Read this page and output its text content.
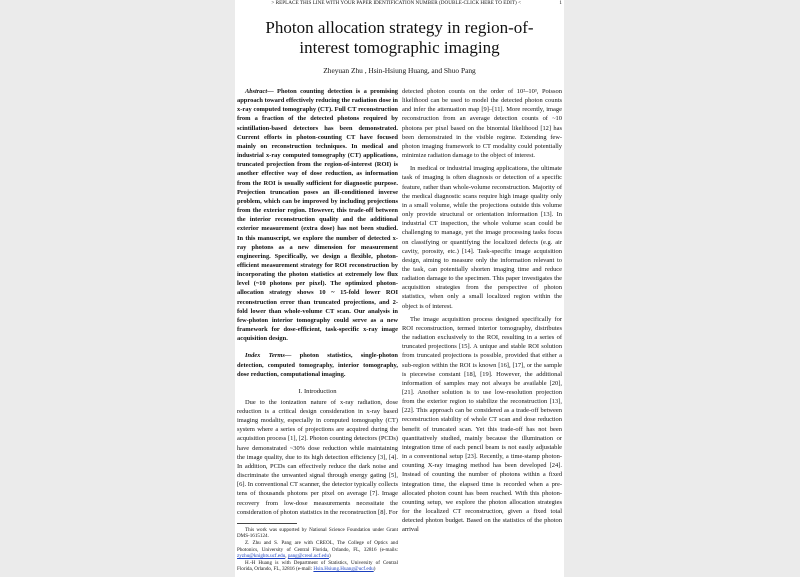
> REPLACE THIS LINE WITH YOUR PAPER IDENTIFICATION NUMBER (DOUBLE-CLICK HERE TO EDIT) <	1
Photon allocation strategy in region-of-interest tomographic imaging
Zheyuan Zhu , Hsin-Hsiung Huang, and Shuo Pang

Abstract— Photon counting detection is a promising approach toward effectively reducing the radiation dose in x-ray computed tomography (CT). Full CT reconstruction from a fraction of the detected photons required by scintillation-based detectors has been demonstrated. Current efforts in photon-counting CT have focused mainly on reconstruction techniques. In medical and industrial x-ray computed tomography (CT) applications, truncated projection from the region-of-interest (ROI) is another effective way of dose reduction, as information from the ROI is usually sufficient for diagnostic purpose. Projection truncation poses an ill-conditioned inverse problem, which can be improved by including projections from the exterior region. However, this trade-off between the interior reconstruction quality and the additional exterior measurement (extra dose) has not been studied. In this manuscript, we explore the number of detected x-ray photons as a new dimension for measurement engineering. Specifically, we design a flexible, photon-efficient measurement strategy for ROI reconstruction by incorporating the photon statistics at extremely low flux level (~10 photons per pixel). The optimized photon-allocation strategy shows 10 ~ 15-fold lower ROI reconstruction error than truncated projections, and 2-fold lower than whole-volume CT scan. Our analysis in few-photon interior tomography could serve as a new framework for dose-efficient, task-specific x-ray image acquisition design.

Index Terms— photon statistics, single-photon detection, computed tomography, interior tomography, dose reduction, computational imaging.

I. Introduction

Due to the ionization nature of x-ray radiation, dose reduction is a critical design consideration in x-ray based imaging modality, especially in computed tomography (CT) system where a series of projections are acquired during the acquisition process [1], [2]. Photon counting detectors (PCDs) have demonstrated ~30% dose reduction while maintaining the image quality, due to its high detection efficiency [3], [4]. In addition, PCDs can effectively reduce the dark noise and discriminate the unwanted signal through energy gating [5], [6]. In conventional CT scanner, the detector typically collects tens of thousands photons per pixel on average [7]. Image recovery from low-dose measurements necessitate the consideration of photon statistics in the reconstruction [8]. For

This work was supported by National Science Foundation under Grant DMS-1615124.

Z. Zhu and S. Pang are with CREOL, The College of Optics and Photonics, University of Central Florida, Orlando, FL, 32816 (e-mails: zyzhu@knights.ucf.edu, pang@creol.ucf.edu)

H.-H Huang is with Department of Statistics, University of Central Florida, Orlando, FL, 32816 (e-mail: Hsin.Hsiung.Huang@ucf.edu)

detected photon counts on the order of 10²–10³, Poisson likelihood can be used to model the detected photon counts and infer the attenuation map [9]–[11]. More recently, image reconstruction from an average detection counts of ~10 photons per pixel based on the binomial likelihood [12] has been demonstrated in the visible regime. Extending few-photon imaging framework to CT modality could potentially minimize radiation damage to the object of interest.

In medical or industrial imaging applications, the ultimate task of imaging is often diagnosis or detection of a specific feature, rather than whole-volume reconstruction. Majority of the medical diagnostic scans require high image quality only in a small volume, while the projections outside this volume only provide structural or orientation information [13]. In industrial CT inspection, the whole volume scan could be challenging to manage, yet the image processing tasks focus on classifying or quantifying the localized defects (e.g. air cavity, porosity, etc.) [14]. Task-specific image acquisition design, aiming to measure only the information relevant to the task, can potentially shorten imaging time and reduce radiation damage to the specimen. This paper investigates the acquisition strategies from the perspective of photon statistics, when only a small localized region within the object is of interest.

The image acquisition process designed specifically for ROI reconstruction, termed interior tomography, distributes the radiation exclusively to the ROI, resulting in a series of truncated projections [15]. A unique and stable ROI solution from truncated projections is possible, provided that either a sub-region within the ROI is known [16], [17], or the sample is piecewise constant [18], [19]. However, the additional information of samples may not always be available [20], [21]. Another solution is to use low-resolution projection from the exterior region to stabilize the reconstruction [13], [22]. This approach can be considered as a trade-off between reconstruction stability of whole CT scan and dose reduction benefit of truncated scan. Yet this trade-off has not been quantitatively studied, mainly because the illumination or integration time of each pencil beam is not easily adjustable in a conventional setup [23]. Recently, a time-stamp photon-counting X-ray imaging method has been developed [24]. Instead of counting the number of photons within a fixed integration time, the elapsed time is recorded when a pre-allocated photon count has been reached. With this photon-counting setup, we explore the photon allocation strategies for the localized CT reconstruction, given a fixed total detected photon budget. Based on the statistics of the photon arrival
